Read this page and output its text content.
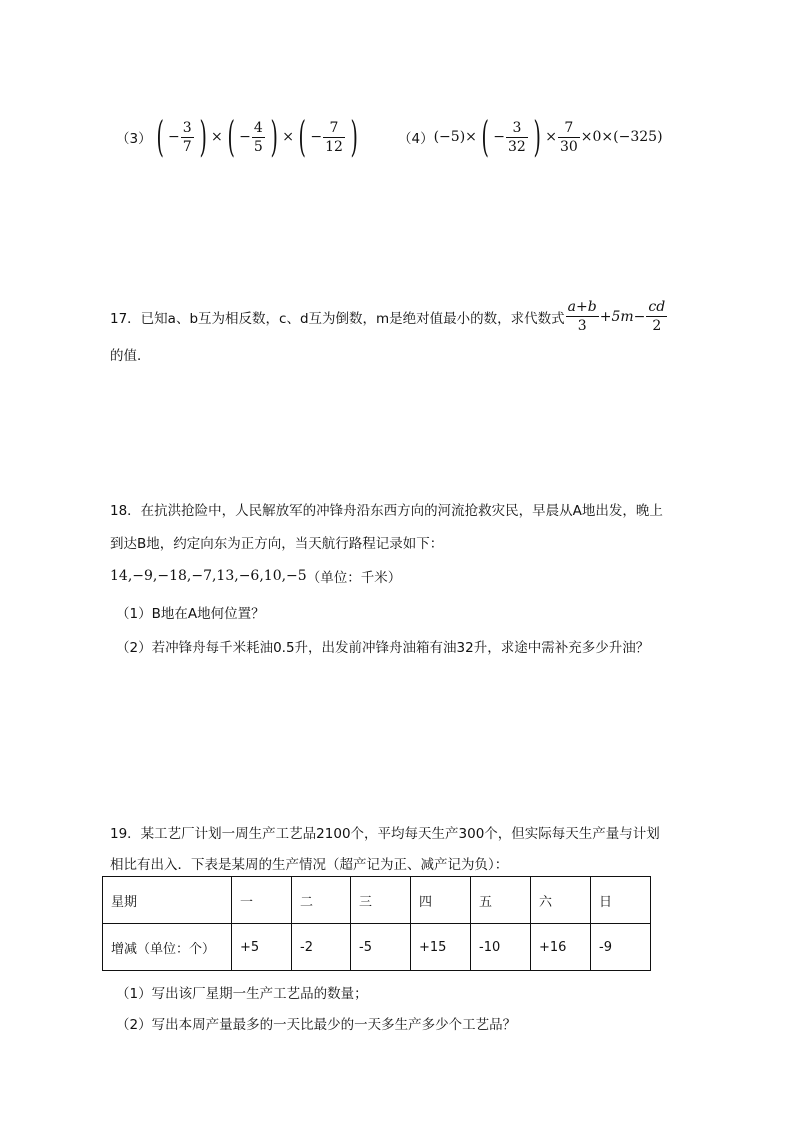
（3） ( − $\frac{3}{7}$ ) × ( − $\frac{4}{5}$ ) × ( − $\frac{7}{12}$ )	（4） (−5) × ( − $\frac{3}{32}$ ) × $\frac{7}{30} \times 0\times(-325)$
17．已知a、b互为相反数，c、d互为倒数，m是绝对值最小的数，求代数式 $\frac{a+b}{3} +5m- \frac{cd}{2}$
的值．
18．在抗洪抢险中，人民解放军的冲锋舟沿东西方向的河流抢救灾民，早晨从A地出发，晚上
到达B地，约定向东为正方向，当天航行路程记录如下：
14,−9,−18,−7,13,−6,10,−5 （单位：千米）
（1）B地在A地何位置？
（2）若冲锋舟每千米耗油0.5升，出发前冲锋舟油箱有油32升，求途中需补充多少升油？
19．某工艺厂计划一周生产工艺品2100个，平均每天生产300个，但实际每天生产量与计划
相比有出入．下表是某周的生产情况（超产记为正、减产记为负）：
星期	一	二	三	四	五	六	日
增减（单位：个）	+5	-2	-5	+15	-10	+16	-9
（1）写出该厂星期一生产工艺品的数量；
（2）写出本周产量最多的一天比最少的一天多生产多少个工艺品？
